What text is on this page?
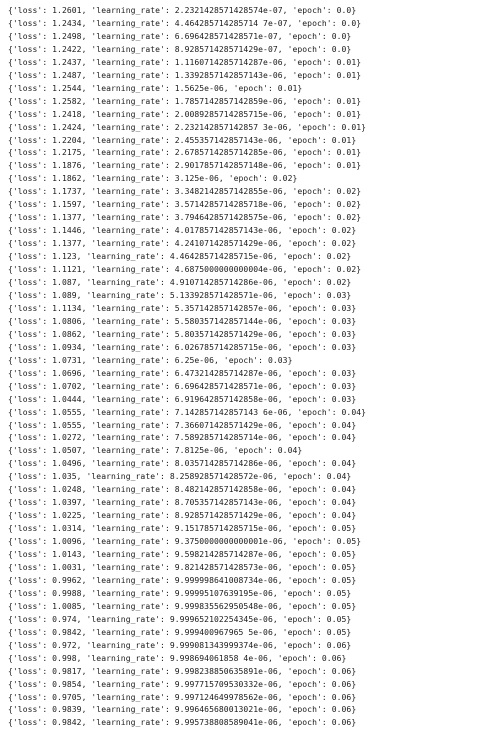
{'loss': 1.2601, 'learning_rate': 2.2321428571428574e-07, 'epoch': 0.0}
{'loss': 1.2434, 'learning_rate': 4.464285714285714 7e-07, 'epoch': 0.0}
{'loss': 1.2498, 'learning_rate': 6.696428571428571e-07, 'epoch': 0.0}
{'loss': 1.2422, 'learning_rate': 8.928571428571429e-07, 'epoch': 0.0}
{'loss': 1.2437, 'learning_rate': 1.1160714285714287e-06, 'epoch': 0.01}
{'loss': 1.2487, 'learning_rate': 1.3392857142857143e-06, 'epoch': 0.01}
{'loss': 1.2544, 'learning_rate': 1.5625e-06, 'epoch': 0.01}
{'loss': 1.2582, 'learning_rate': 1.7857142857142859e-06, 'epoch': 0.01}
{'loss': 1.2418, 'learning_rate': 2.0089285714285715e-06, 'epoch': 0.01}
{'loss': 1.2424, 'learning_rate': 2.232142857142857 3e-06, 'epoch': 0.01}
{'loss': 1.2204, 'learning_rate': 2.455357142857143e-06, 'epoch': 0.01}
{'loss': 1.2175, 'learning_rate': 2.6785714285714285e-06, 'epoch': 0.01}
{'loss': 1.1876, 'learning_rate': 2.9017857142857148e-06, 'epoch': 0.01}
{'loss': 1.1862, 'learning_rate': 3.125e-06, 'epoch': 0.02}
{'loss': 1.1737, 'learning_rate': 3.3482142857142855e-06, 'epoch': 0.02}
{'loss': 1.1597, 'learning_rate': 3.5714285714285718e-06, 'epoch': 0.02}
{'loss': 1.1377, 'learning_rate': 3.7946428571428575e-06, 'epoch': 0.02}
{'loss': 1.1446, 'learning_rate': 4.017857142857143e-06, 'epoch': 0.02}
{'loss': 1.1377, 'learning_rate': 4.241071428571429e-06, 'epoch': 0.02}
{'loss': 1.123, 'learning_rate': 4.464285714285715e-06, 'epoch': 0.02}
{'loss': 1.1121, 'learning_rate': 4.6875000000000004e-06, 'epoch': 0.02}
{'loss': 1.087, 'learning_rate': 4.910714285714286e-06, 'epoch': 0.02}
{'loss': 1.089, 'learning_rate': 5.133928571428571e-06, 'epoch': 0.03}
{'loss': 1.1134, 'learning_rate': 5.357142857142857e-06, 'epoch': 0.03}
{'loss': 1.0806, 'learning_rate': 5.580357142857144e-06, 'epoch': 0.03}
{'loss': 1.0862, 'learning_rate': 5.803571428571429e-06, 'epoch': 0.03}
{'loss': 1.0934, 'learning_rate': 6.026785714285715e-06, 'epoch': 0.03}
{'loss': 1.0731, 'learning_rate': 6.25e-06, 'epoch': 0.03}
{'loss': 1.0696, 'learning_rate': 6.473214285714287e-06, 'epoch': 0.03}
{'loss': 1.0702, 'learning_rate': 6.696428571428571e-06, 'epoch': 0.03}
{'loss': 1.0444, 'learning_rate': 6.919642857142858e-06, 'epoch': 0.03}
{'loss': 1.0555, 'learning_rate': 7.142857142857143 6e-06, 'epoch': 0.04}
{'loss': 1.0555, 'learning_rate': 7.366071428571429e-06, 'epoch': 0.04}
{'loss': 1.0272, 'learning_rate': 7.589285714285714e-06, 'epoch': 0.04}
{'loss': 1.0507, 'learning_rate': 7.8125e-06, 'epoch': 0.04}
{'loss': 1.0496, 'learning_rate': 8.035714285714286e-06, 'epoch': 0.04}
{'loss': 1.035, 'learning_rate': 8.258928571428572e-06, 'epoch': 0.04}
{'loss': 1.0248, 'learning_rate': 8.482142857142858e-06, 'epoch': 0.04}
{'loss': 1.0397, 'learning_rate': 8.705357142857143e-06, 'epoch': 0.04}
{'loss': 1.0225, 'learning_rate': 8.928571428571429e-06, 'epoch': 0.04}
{'loss': 1.0314, 'learning_rate': 9.151785714285715e-06, 'epoch': 0.05}
{'loss': 1.0096, 'learning_rate': 9.3750000000000001e-06, 'epoch': 0.05}
{'loss': 1.0143, 'learning_rate': 9.598214285714287e-06, 'epoch': 0.05}
{'loss': 1.0031, 'learning_rate': 9.821428571428573e-06, 'epoch': 0.05}
{'loss': 0.9962, 'learning_rate': 9.999998641008734e-06, 'epoch': 0.05}
{'loss': 0.9988, 'learning_rate': 9.99995107639195e-06, 'epoch': 0.05}
{'loss': 1.0085, 'learning_rate': 9.999835562950548e-06, 'epoch': 0.05}
{'loss': 0.974, 'learning_rate': 9.999652102254345e-06, 'epoch': 0.05}
{'loss': 0.9842, 'learning_rate': 9.999400967965 5e-06, 'epoch': 0.05}
{'loss': 0.972, 'learning_rate': 9.999081343999374e-06, 'epoch': 0.06}
{'loss': 0.998, 'learning_rate': 9.998694061858 4e-06, 'epoch': 0.06}
{'loss': 0.9817, 'learning_rate': 9.998238850635891e-06, 'epoch': 0.06}
{'loss': 0.9854, 'learning_rate': 9.997715709530332e-06, 'epoch': 0.06}
{'loss': 0.9705, 'learning_rate': 9.997124649978562e-06, 'epoch': 0.06}
{'loss': 0.9839, 'learning_rate': 9.996465680013021e-06, 'epoch': 0.06}
{'loss': 0.9842, 'learning_rate': 9.995738808589041e-06, 'epoch': 0.06}
